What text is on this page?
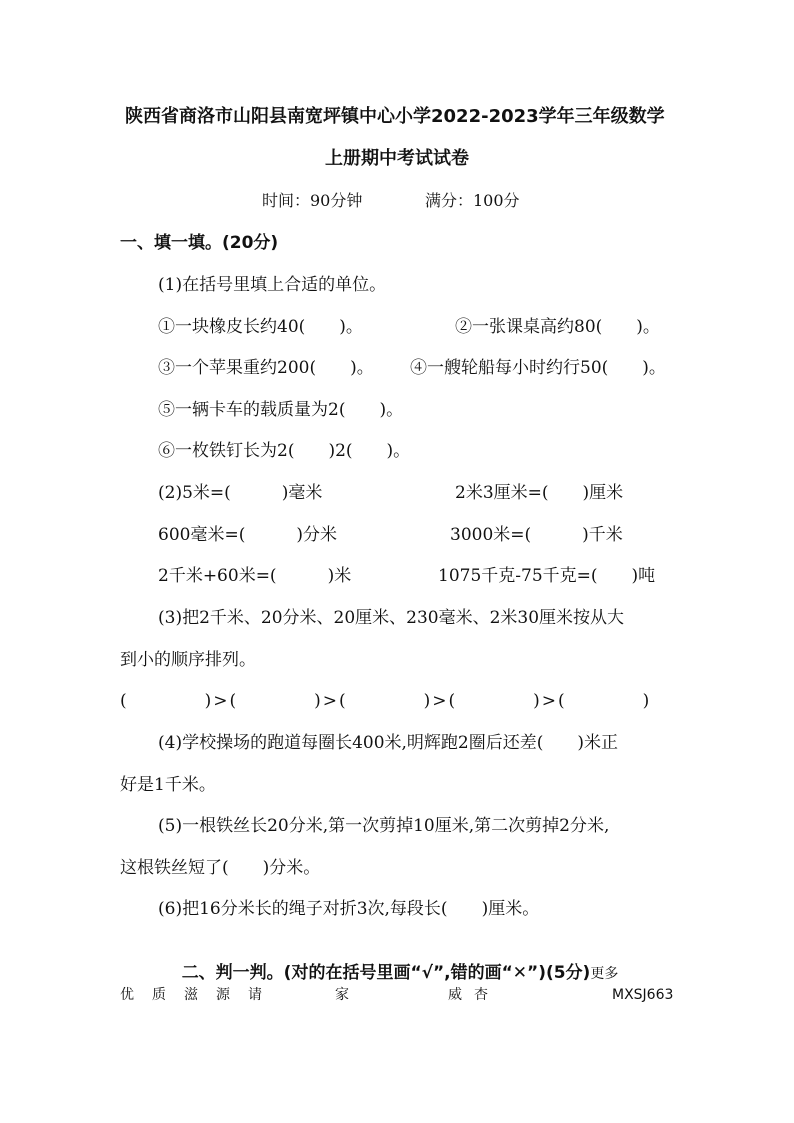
陕西省商洛市山阳县南宽坪镇中心小学2022-2023学年三年级数学
上册期中考试试卷
时间：90分钟	满分：100分
一、填一填。(20分)
(1)在括号里填上合适的单位。
①一块橡皮长约40(　　)。	②一张课桌高约80(　　)。
③一个苹果重约200(　　)。 ④一艘轮船每小时约行50(　　)。
⑤一辆卡车的载质量为2(　　)。
⑥一枚铁钉长为2(　　)2(　　)。
(2)5米=(　　　)毫米	2米3厘米=(　　)厘米
600毫米=(　　　)分米	3000米=(　　　)千米
2千米+60米=(　　　)米	1075千克-75千克=(　　)吨
(3)把2千米、20分米、20厘米、230毫米、2米30厘米按从大
到小的顺序排列。
(　　　　)>(　　　　)>(　　　　)>(　　　　)>(　　　　)
(4)学校操场的跑道每圈长400米,明辉跑2圈后还差(　　)米正
好是1千米。
(5)一根铁丝长20分米,第一次剪掉10厘米,第二次剪掉2分米,
这根铁丝短了(　　)分米。
(6)把16分米长的绳子对折3次,每段长(　　)厘米。

二、判一判。(对的在括号里画“√”,错的画“✕”)(5分)更多

优 质 滋 源 请	家	威 杏	MXSJ663
